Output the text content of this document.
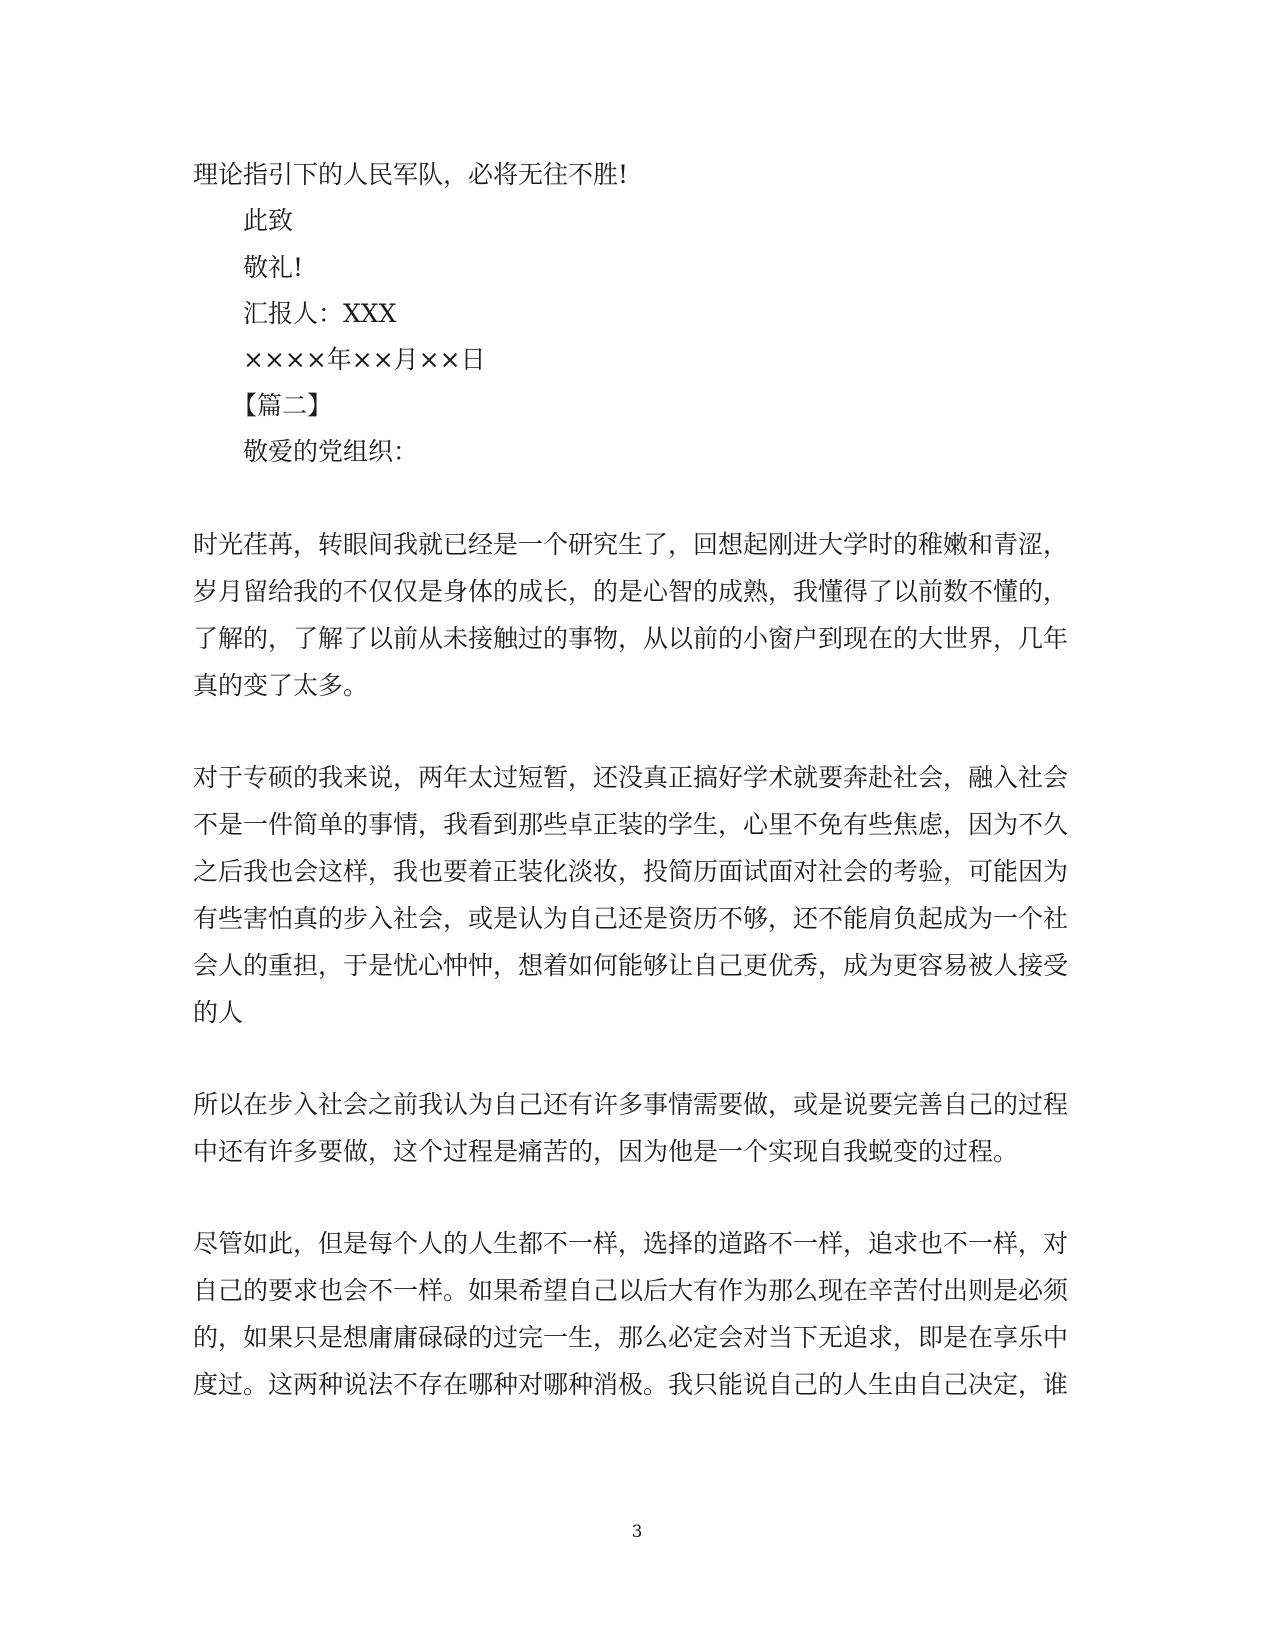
理论指引下的人民军队，必将无往不胜!
此致
敬礼!
汇报人：XXX
××××年××月××日
【篇二】
敬爱的党组织：
时光荏苒，转眼间我就已经是一个研究生了，回想起刚进大学时的稚嫩和青涩，
岁月留给我的不仅仅是身体的成长，的是心智的成熟，我懂得了以前数不懂的，
了解的，了解了以前从未接触过的事物，从以前的小窗户到现在的大世界，几年
真的变了太多。
对于专硕的我来说，两年太过短暂，还没真正搞好学术就要奔赴社会，融入社会
不是一件简单的事情，我看到那些卓正装的学生，心里不免有些焦虑，因为不久
之后我也会这样，我也要着正装化淡妆，投简历面试面对社会的考验，可能因为
有些害怕真的步入社会，或是认为自己还是资历不够，还不能肩负起成为一个社
会人的重担，于是忧心忡忡，想着如何能够让自己更优秀，成为更容易被人接受
的人
所以在步入社会之前我认为自己还有许多事情需要做，或是说要完善自己的过程
中还有许多要做，这个过程是痛苦的，因为他是一个实现自我蜕变的过程。
尽管如此，但是每个人的人生都不一样，选择的道路不一样，追求也不一样，对
自己的要求也会不一样。如果希望自己以后大有作为那么现在辛苦付出则是必须
的，如果只是想庸庸碌碌的过完一生，那么必定会对当下无追求，即是在享乐中
度过。这两种说法不存在哪种对哪种消极。我只能说自己的人生由自己决定，谁
3
